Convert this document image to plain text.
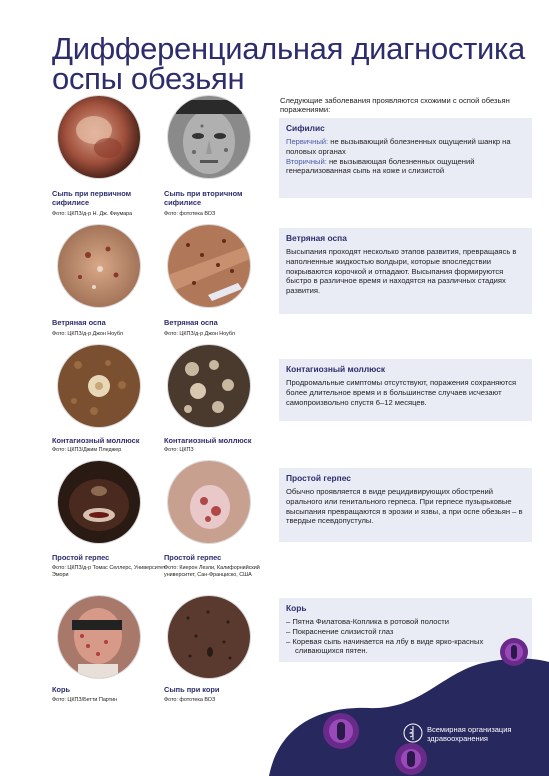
Дифференциальная диагностика оспы обезьян
Сыпь при первичном сифилисе
Фото: ЦКПЗ/д-р Н. Дж. Фиумара
Сыпь при вторичном сифилисе
Фото: фототека ВОЗ
Ветряная оспа
Фото: ЦКПЗ/д-р Джон Ноубл
Ветряная оспа
Фото: ЦКПЗ/д-р Джон Ноубл
Контагиозный моллюск
Фото: ЦКПЗ/Джим Пледжер
Контагиозный моллюск
Фото: ЦКПЗ
Простой герпес
Фото: ЦКПЗ/д-р Томас Селлерс, Университет Эмори
Простой герпес
Фото: Киерон Лезли, Калифорнийский университет, Сан-Франциско, США
Корь
Фото: ЦКПЗ/Бетти Партин
Сыпь при кори
Фото: фототека ВОЗ
Следующие заболевания проявляются схожими с оспой обезьян поражениями:
Сифилис

Первичный: не вызывающий болезненных ощущений шанкр на половых органах

Вторичный: не вызывающая болезненных ощущений генерализованная сыпь на коже и слизистой

Ветряная оспа

Высыпания проходят несколько этапов развития, превращаясь в наполненные жидкостью волдыри, которые впоследствии покрываются корочкой и отпадают. Высыпания формируются быстро в различное время и находятся на различных стадиях развития.

Контагиозный моллюск

Продромальные симптомы отсутствуют, поражения сохраняются более длительное время и в большинстве случаев исчезают самопроизвольно спустя 6–12 месяцев.

Простой герпес

Обычно проявляется в виде рецидивирующих обострений орального или генитального герпеса. При герпесе пузырьковые высыпания превращаются в эрозии и язвы, а при оспе обезьян – в твердые псевдопустулы.

Корь
– Пятна Филатова-Коплика в ротовой полости
– Покраснение слизистой глаз
– Коревая сыпь начинается на лбу в виде ярко-красных сливающихся пятен.
Всемирная организация здравоохранения
